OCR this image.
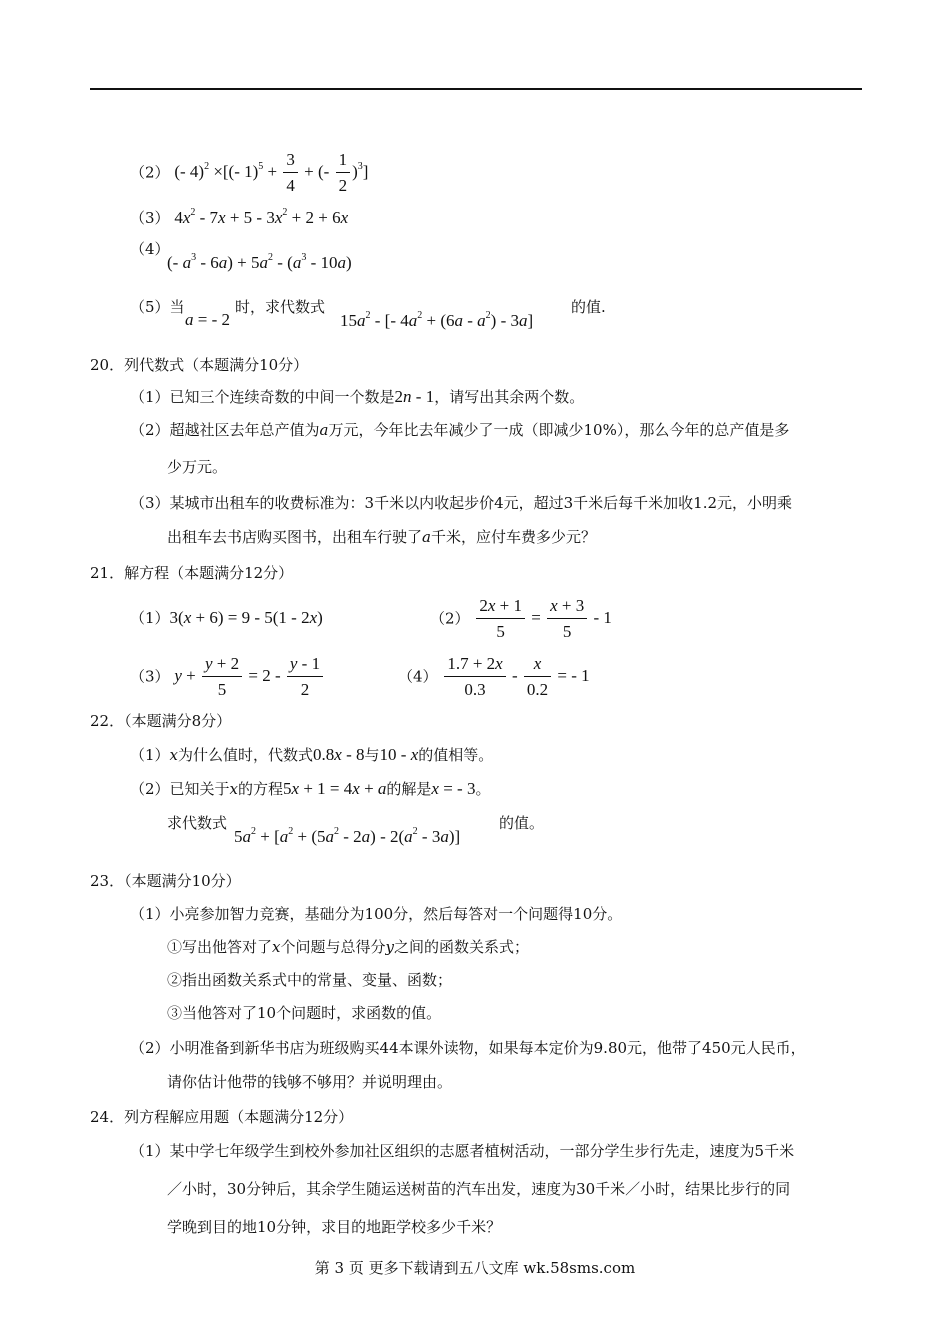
（2） (- 4)$^2$ ×[(- $1)^5 + \frac{3}{4}$ + (- $\frac{1}{2} )^3$]
（3） $4x^2 - 7x + 5 - 3x^2 + 2 + 6x$
（4）
(- $a^3 - 6a) + 5a^2 - (a^3 - 10a)$
（5）当
a = - 2
时，求代数式
$15a^2$ - [- $4a^2 + (6a - a^2) - 3a$]
的值.
20．列代数式（本题满分10分）
（1）已知三个连续奇数的中间一个数是2n - 1，请写出其余两个数。
（2）超越社区去年总产值为a万元，今年比去年减少了一成（即减少10%），那么今年的总产值是多
少万元。
（3）某城市出租车的收费标准为：3千米以内收起步价4元，超过3千米后每千米加收1.2元，小明乘
出租车去书店购买图书，出租车行驶了a千米，应付车费多少元？
21．解方程（本题满分12分）
（1）3(x + 6) = 9 - 5(1 - 2x)	$(2) \frac{2x + 1}{5} = \frac{x + 3}{5} - 1$
（3） $y + \frac{y + 2}{5} = 2 - \frac{y - 1}{2}$	$(4) \frac{1.7 + 2x}{0.3} - \frac{x}{0.2}$ = - 1
22．（本题满分8分）
（1）x为什么值时，代数式0.8x - 8与10 - x的值相等。
（2）已知关于x的方程5x + 1 = 4x + a的解是x = - 3。
求代数式
$5a^2 + [a^2 + (5a^2 - 2a) - 2(a^2 - 3a)]$
的值。
23．（本题满分10分）
（1）小亮参加智力竞赛，基础分为100分，然后每答对一个问题得10分。
①写出他答对了x个问题与总得分y之间的函数关系式；
②指出函数关系式中的常量、变量、函数；
③当他答对了10个问题时，求函数的值。
（2）小明准备到新华书店为班级购买44本课外读物，如果每本定价为9.80元，他带了450元人民币，
请你估计他带的钱够不够用？并说明理由。
24．列方程解应用题（本题满分12分）
（1）某中学七年级学生到校外参加社区组织的志愿者植树活动，一部分学生步行先走，速度为5千米
／小时，30分钟后，其余学生随运送树苗的汽车出发，速度为30千米／小时，结果比步行的同
学晚到目的地10分钟，求目的地距学校多少千米？
第 3 页 更多下载请到五八文库 wk.58sms.com
